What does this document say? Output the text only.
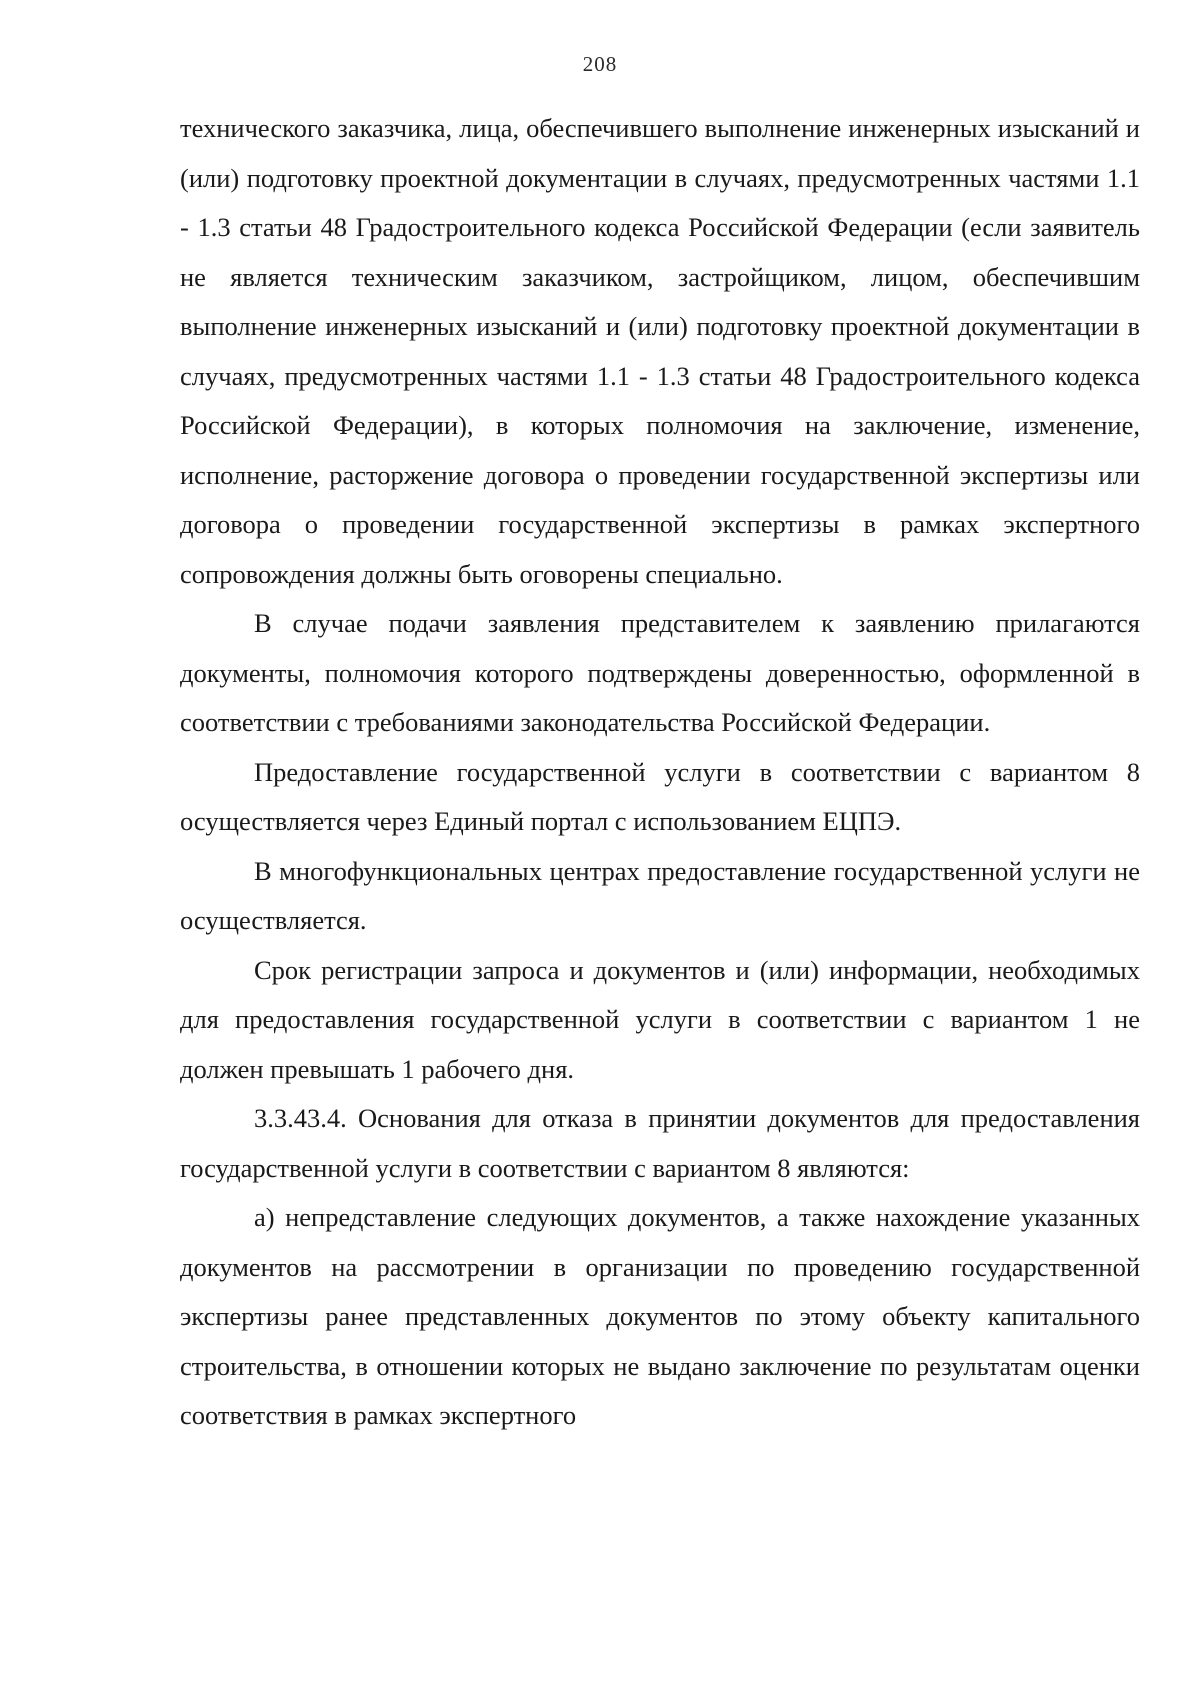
208

технического заказчика, лица, обеспечившего выполнение инженерных изысканий и (или) подготовку проектной документации в случаях, предусмотренных частями 1.1 - 1.3 статьи 48 Градостроительного кодекса Российской Федерации (если заявитель не является техническим заказчиком, застройщиком, лицом, обеспечившим выполнение инженерных изысканий и (или) подготовку проектной документации в случаях, предусмотренных частями 1.1 - 1.3 статьи 48 Градостроительного кодекса Российской Федерации), в которых полномочия на заключение, изменение, исполнение, расторжение договора о проведении государственной экспертизы или договора о проведении государственной экспертизы в рамках экспертного сопровождения должны быть оговорены специально.

В случае подачи заявления представителем к заявлению прилагаются документы, полномочия которого подтверждены доверенностью, оформленной в соответствии с требованиями законодательства Российской Федерации.

Предоставление государственной услуги в соответствии с вариантом 8 осуществляется через Единый портал с использованием ЕЦПЭ.

В многофункциональных центрах предоставление государственной услуги не осуществляется.

Срок регистрации запроса и документов и (или) информации, необходимых для предоставления государственной услуги в соответствии с вариантом 1 не должен превышать 1 рабочего дня.

3.3.43.4. Основания для отказа в принятии документов для предоставления государственной услуги в соответствии с вариантом 8 являются:

а) непредставление следующих документов, а также нахождение указанных документов на рассмотрении в организации по проведению государственной экспертизы ранее представленных документов по этому объекту капитального строительства, в отношении которых не выдано заключение по результатам оценки соответствия в рамках экспертного
